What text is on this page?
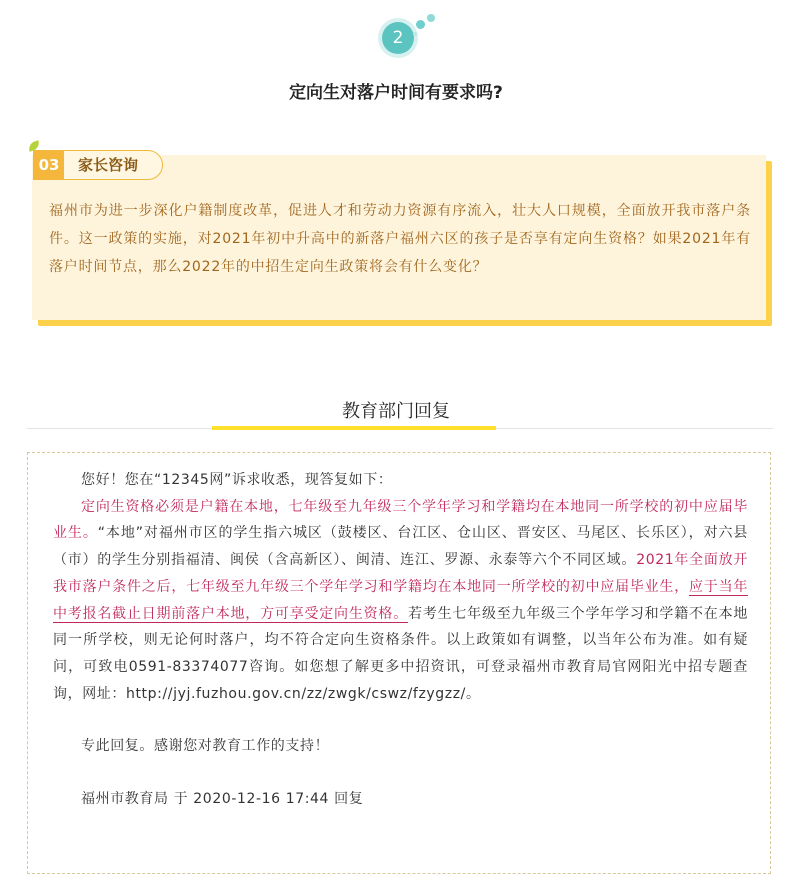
2
定向生对落户时间有要求吗?
03	家长咨询
福州市为进一步深化户籍制度改革，促进人才和劳动力资源有序流入，壮大人口规模，全面放开我市落户条件。这一政策的实施，对2021年初中升高中的新落户福州六区的孩子是否享有定向生资格？如果2021年有落户时间节点，那么2022年的中招生定向生政策将会有什么变化？
教育部门回复

您好！您在“12345网”诉求收悉，现答复如下：

定向生资格必须是户籍在本地，七年级至九年级三个学年学习和学籍均在本地同一所学校的初中应届毕业生。“本地”对福州市区的学生指六城区（鼓楼区、台江区、仓山区、晋安区、马尾区、长乐区），对六县（市）的学生分别指福清、闽侯（含高新区）、闽清、连江、罗源、永泰等六个不同区域。2021年全面放开我市落户条件之后，七年级至九年级三个学年学习和学籍均在本地同一所学校的初中应届毕业生，应于当年中考报名截止日期前落户本地，方可享受定向生资格。若考生七年级至九年级三个学年学习和学籍不在本地同一所学校，则无论何时落户，均不符合定向生资格条件。以上政策如有调整，以当年公布为准。如有疑问，可致电0591-83374077咨询。如您想了解更多中招资讯，可登录福州市教育局官网阳光中招专题查询，网址：http://jyj.fuzhou.gov.cn/zz/zwgk/cswz/fzygzz/。

专此回复。感谢您对教育工作的支持！

福州市教育局 于 2020-12-16 17:44 回复
